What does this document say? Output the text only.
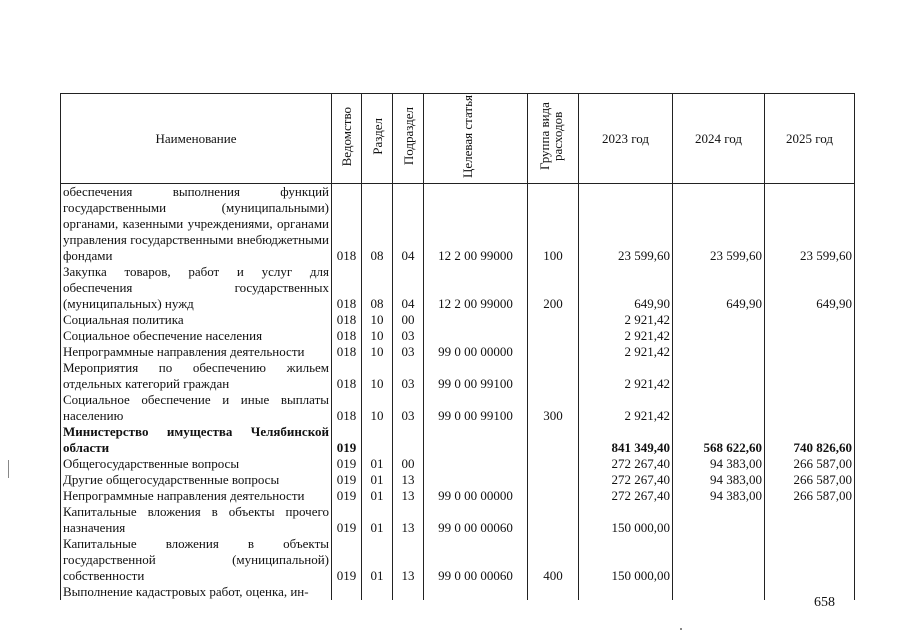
Наименование	Ведомство	Раздел	Подраздел	Целевая статья	Группа вида расходов	2023 год	2024 год	2025 год
обеспечения выполнения функций государственными (муниципальными) органами, казенными учреждениями, органами управления государственными внебюджетными фондами	018	08	04	12 2 00 99000	100	23 599,60	23 599,60	23 599,60
Закупка товаров, работ и услуг для обеспечения государственных (муниципальных) нужд	018	08	04	12 2 00 99000	200	649,90	649,90	649,90
Социальная политика	018	10	00			2 921,42		
Социальное обеспечение населения	018	10	03			2 921,42		
Непрограммные направления деятельности	018	10	03	99 0 00 00000		2 921,42		
Мероприятия по обеспечению жильем отдельных категорий граждан	018	10	03	99 0 00 99100		2 921,42		
Социальное обеспечение и иные выплаты населению	018	10	03	99 0 00 99100	300	2 921,42		
Министерство имущества Челябинской области	019					841 349,40	568 622,60	740 826,60
Общегосударственные вопросы	019	01	00			272 267,40	94 383,00	266 587,00
Другие общегосударственные вопросы	019	01	13			272 267,40	94 383,00	266 587,00
Непрограммные направления деятельности	019	01	13	99 0 00 00000		272 267,40	94 383,00	266 587,00
Капитальные вложения в объекты прочего назначения	019	01	13	99 0 00 00060		150 000,00		
Капитальные вложения в объекты государственной (муниципальной) собственности	019	01	13	99 0 00 00060	400	150 000,00		
Выполнение кадастровых работ, оценка, ин-								
658
